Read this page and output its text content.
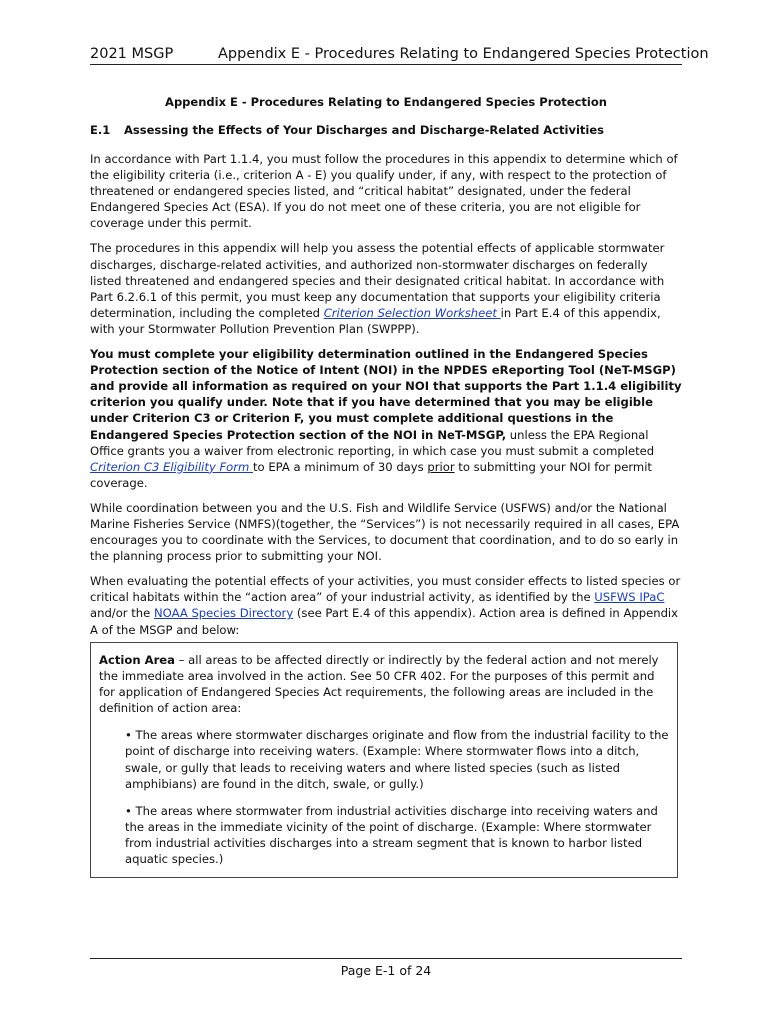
2021 MSGP	Appendix E - Procedures Relating to Endangered Species Protection
Appendix E - Procedures Relating to Endangered Species Protection
E.1 Assessing the Effects of Your Discharges and Discharge-Related Activities

In accordance with Part 1.1.4, you must follow the procedures in this appendix to determine which of the eligibility criteria (i.e., criterion A - E) you qualify under, if any, with respect to the protection of threatened or endangered species listed, and “critical habitat” designated, under the federal Endangered Species Act (ESA). If you do not meet one of these criteria, you are not eligible for coverage under this permit.

The procedures in this appendix will help you assess the potential effects of applicable stormwater discharges, discharge-related activities, and authorized non-stormwater discharges on federally listed threatened and endangered species and their designated critical habitat. In accordance with Part 6.2.6.1 of this permit, you must keep any documentation that supports your eligibility criteria determination, including the completed Criterion Selection Worksheet in Part E.4 of this appendix, with your Stormwater Pollution Prevention Plan (SWPPP).

You must complete your eligibility determination outlined in the Endangered Species Protection section of the Notice of Intent (NOI) in the NPDES eReporting Tool (NeT-MSGP) and provide all information as required on your NOI that supports the Part 1.1.4 eligibility criterion you qualify under. Note that if you have determined that you may be eligible under Criterion C3 or Criterion F, you must complete additional questions in the Endangered Species Protection section of the NOI in NeT-MSGP, unless the EPA Regional Office grants you a waiver from electronic reporting, in which case you must submit a completed Criterion C3 Eligibility Form to EPA a minimum of 30 days prior to submitting your NOI for permit coverage.

While coordination between you and the U.S. Fish and Wildlife Service (USFWS) and/or the National Marine Fisheries Service (NMFS)(together, the “Services”) is not necessarily required in all cases, EPA encourages you to coordinate with the Services, to document that coordination, and to do so early in the planning process prior to submitting your NOI.

When evaluating the potential effects of your activities, you must consider effects to listed species or critical habitats within the “action area” of your industrial activity, as identified by the USFWS IPaC and/or the NOAA Species Directory (see Part E.4 of this appendix). Action area is defined in Appendix A of the MSGP and below:

Action Area – all areas to be affected directly or indirectly by the federal action and not merely the immediate area involved in the action. See 50 CFR 402. For the purposes of this permit and for application of Endangered Species Act requirements, the following areas are included in the definition of action area:

• The areas where stormwater discharges originate and flow from the industrial facility to the point of discharge into receiving waters. (Example: Where stormwater flows into a ditch, swale, or gully that leads to receiving waters and where listed species (such as listed amphibians) are found in the ditch, swale, or gully.)

• The areas where stormwater from industrial activities discharge into receiving waters and the areas in the immediate vicinity of the point of discharge. (Example: Where stormwater from industrial activities discharges into a stream segment that is known to harbor listed aquatic species.)

Page E-1 of 24
